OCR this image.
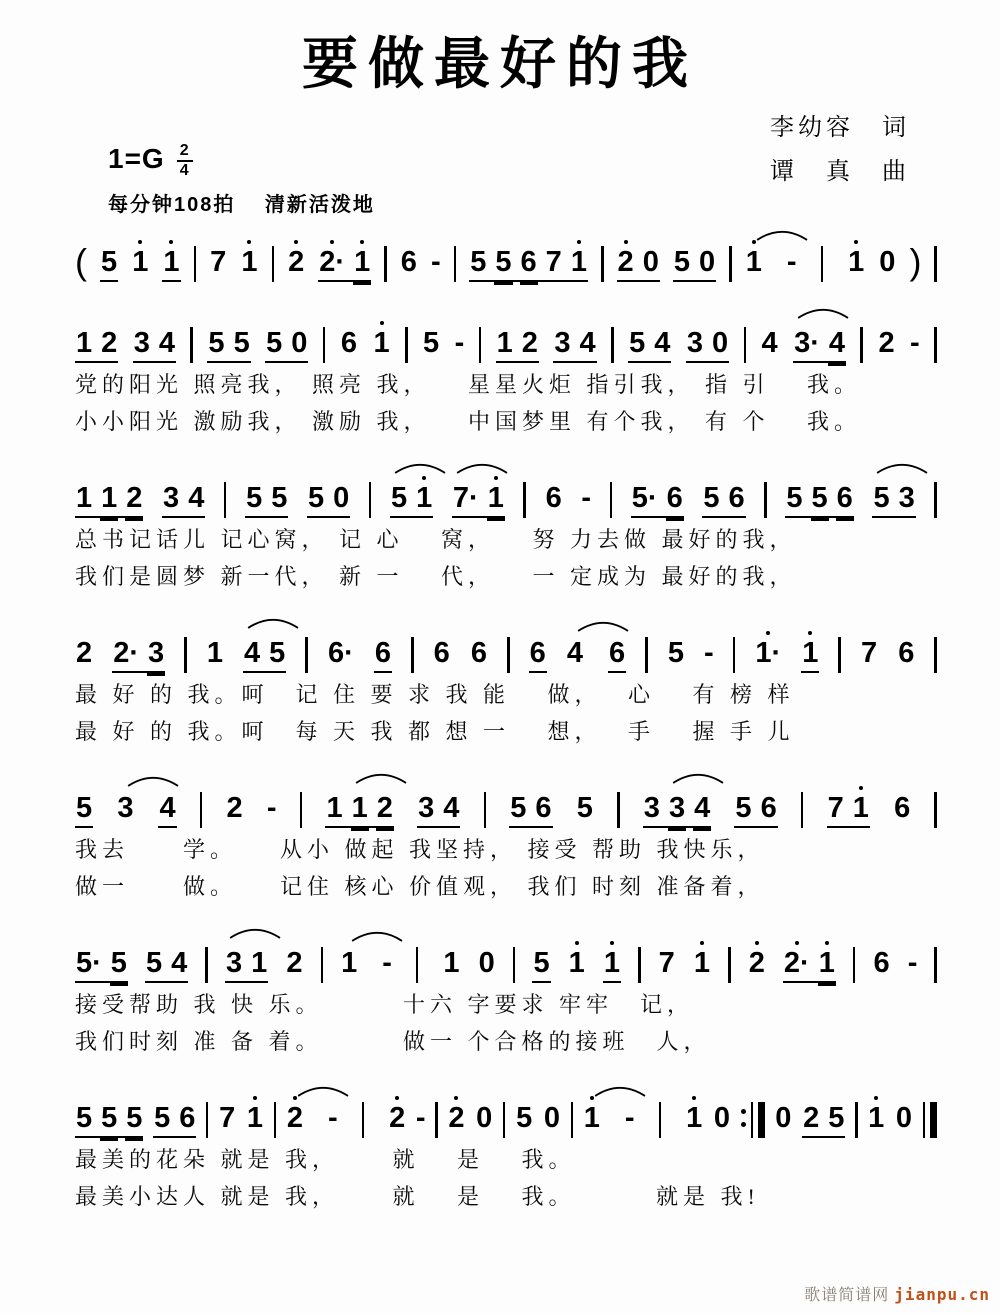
要做最好的我
李幼容　词
谭　真　曲
$1=G \frac{2}{4}$
每分钟108拍　 清新活泼地
( 5 1 1 7 1 2 2· 1 6 - 5 5 6 7 1 2 0 5 0 1 - 1 0 )
1 2 3 4 5 5 5 0 6 1 5 - 1 2 3 4 5 4 3 0 4 3· 4 2 -
党的阳光 照亮我， 照亮 我， 　星星火炬 指引我， 指 引 　我。
小小阳光 激励我， 激励 我， 　中国梦里 有个我， 有 个 　我。
1 1 2 3 4 5 5 5 0 5 1 7· 1 6 - 5· 6 5 6 5 5 6 5 3
总书记话儿 记心窝， 记 心 　窝， 　努 力去做 最好的我，
我们是圆梦 新一代， 新 一 　代， 　一 定成为 最好的我，
2 2· 3 1 4 5 6· 6 6 6 6 4 6 5 - 1· 1 7 6
最 好 的 我。呵　记 住 要 求 我 能　 做，　 心　 有 榜 样
最 好 的 我。呵　每 天 我 都 想 一　 想，　 手　 握 手 儿
5 3 4 2 - 1 1 2 3 4 5 6 5 3 3 4 5 6 7 1 6
我去　　学。　　从小 做起 我坚持， 接受 帮助 我快乐，
做一　　做。　　记住 核心 价值观， 我们 时刻 准备着，
5· 5 5 4 3 1 2 1 - 1 0 5 1 1 7 1 2 2· 1 6 -
接受帮助 我 快 乐。　　　 十六 字要求 牢牢　记，
我们时刻 准 备 着。　　　 做一 个合格的接班　人，
5 5 5 5 6 7 1 2 - 2 - 2 0 5 0 1 - 1 0 0 2 5 1 0
最美的花朵 就是 我，　　 就　 是　 我。
最美小达人 就是 我，　　 就　 是　 我。　　　 就是 我!
歌谱简谱网 jianpu.cn
